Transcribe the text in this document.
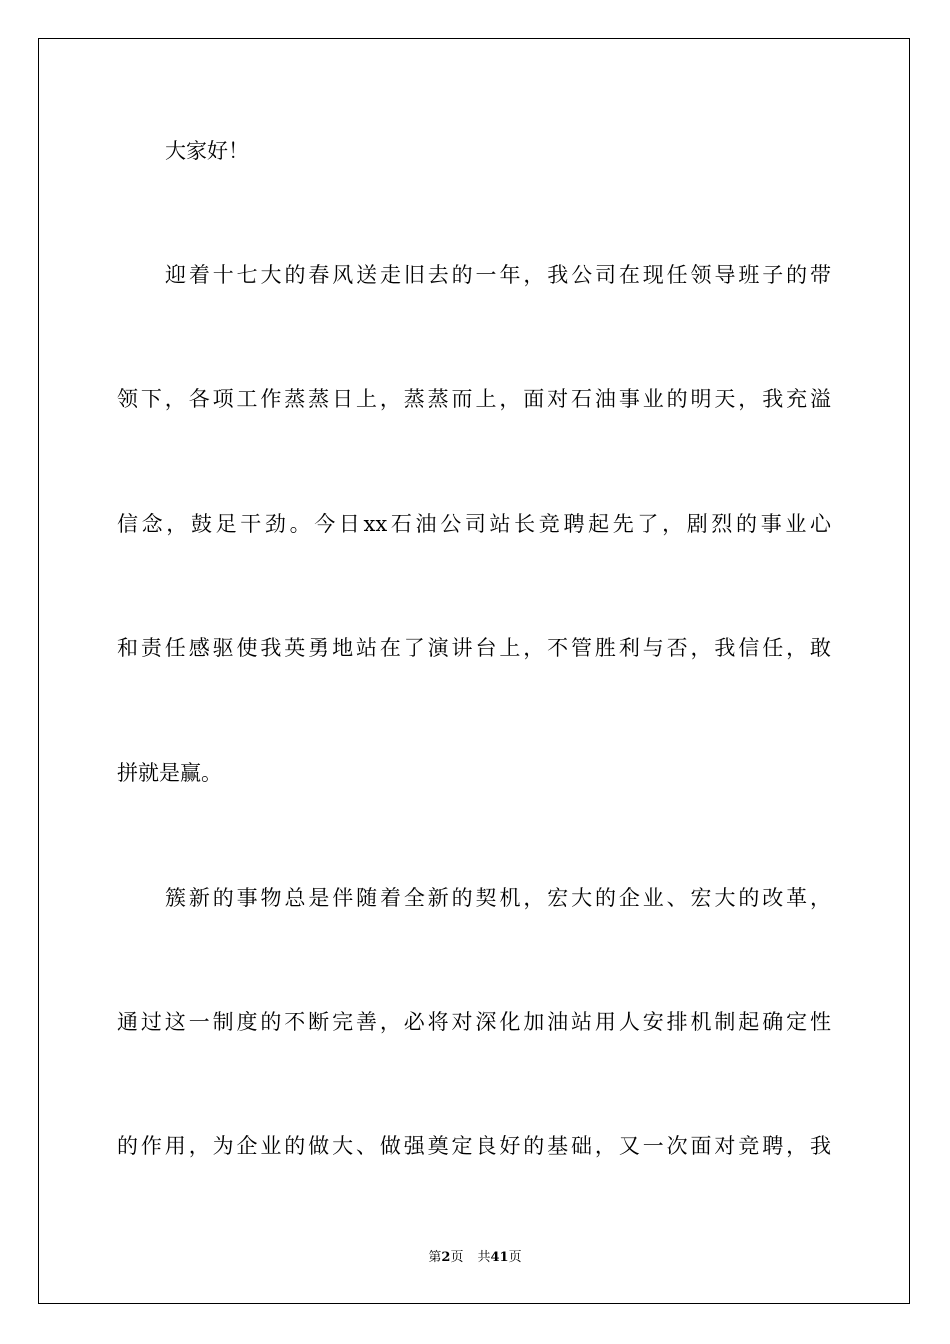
大家好！
迎着十七大的春风送走旧去的一年，我公司在现任领导班子的带
领下，各项工作蒸蒸日上，蒸蒸而上，面对石油事业的明天，我充溢
信念，鼓足干劲。今日xx石油公司站长竞聘起先了，剧烈的事业心
和责任感驱使我英勇地站在了演讲台上，不管胜利与否，我信任，敢
拼就是赢。
簇新的事物总是伴随着全新的契机，宏大的企业、宏大的改革，
通过这一制度的不断完善，必将对深化加油站用人安排机制起确定性
的作用，为企业的做大、做强奠定良好的基础，又一次面对竞聘，我
第2页 共41页
